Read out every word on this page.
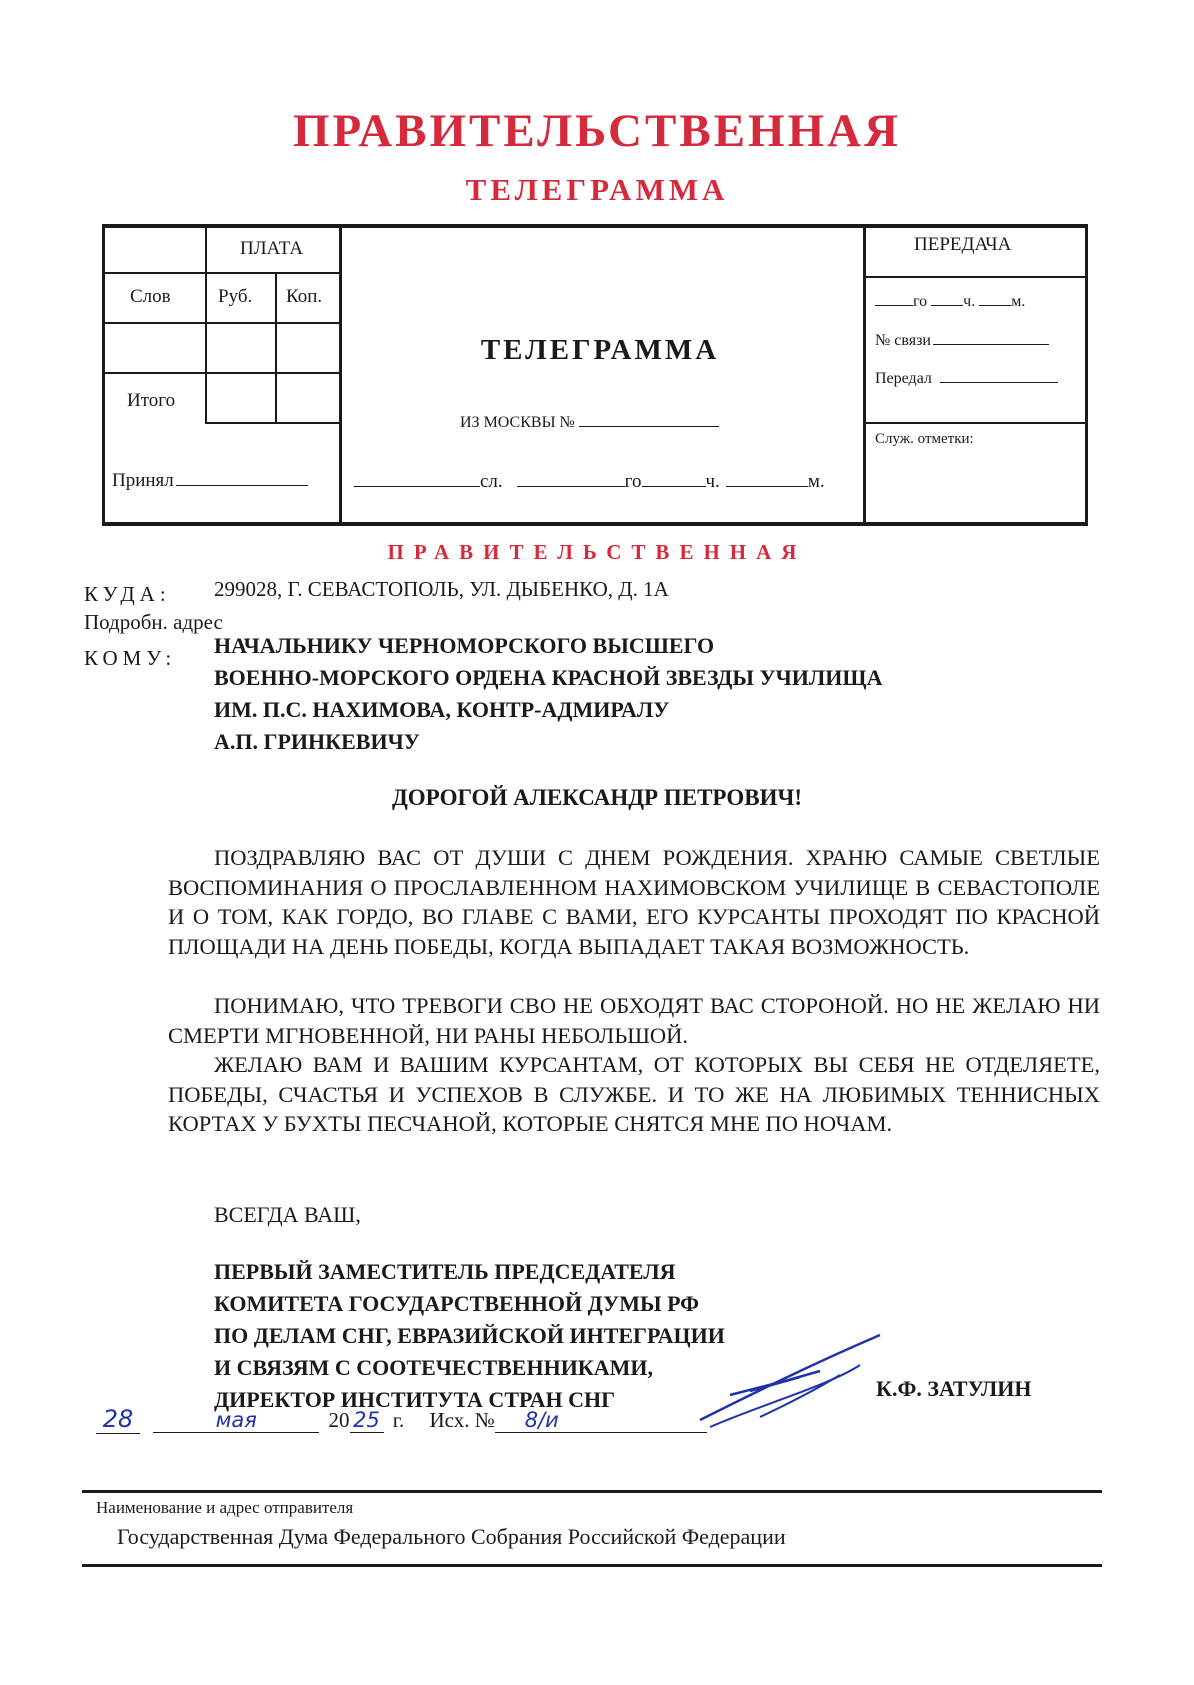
ПРАВИТЕЛЬСТВЕННАЯ
ТЕЛЕГРАММА
ПЛАТА
Слов Руб. Коп.
Итого
Принял
ТЕЛЕГРАММА
ИЗ МОСКВЫ №
сл.	го	ч.	м.
ПЕРЕДАЧА
го ч. м.
№ связи
Передал
Служ. отметки:
ПРАВИТЕЛЬСТВЕННАЯ
КУДА:
Подробн. адрес
299028, Г. СЕВАСТОПОЛЬ, УЛ. ДЫБЕНКО, Д. 1А
КОМУ: НАЧАЛЬНИКУ ЧЕРНОМОРСКОГО ВЫСШЕГО
ВОЕННО-МОРСКОГО ОРДЕНА КРАСНОЙ ЗВЕЗДЫ УЧИЛИЩА
ИМ. П.С. НАХИМОВА, КОНТР-АДМИРАЛУ
А.П. ГРИНКЕВИЧУ
ДОРОГОЙ АЛЕКСАНДР ПЕТРОВИЧ!
ПОЗДРАВЛЯЮ ВАС ОТ ДУШИ С ДНЕМ РОЖДЕНИЯ. ХРАНЮ САМЫЕ СВЕТЛЫЕ ВОСПОМИНАНИЯ О ПРОСЛАВЛЕННОМ НАХИМОВСКОМ УЧИЛИЩЕ В СЕВАСТОПОЛЕ И О ТОМ, КАК ГОРДО, ВО ГЛАВЕ С ВАМИ, ЕГО КУРСАНТЫ ПРОХОДЯТ ПО КРАСНОЙ ПЛОЩАДИ НА ДЕНЬ ПОБЕДЫ, КОГДА ВЫПАДАЕТ ТАКАЯ ВОЗМОЖНОСТЬ.
ПОНИМАЮ, ЧТО ТРЕВОГИ СВО НЕ ОБХОДЯТ ВАС СТОРОНОЙ. НО НЕ ЖЕЛАЮ НИ СМЕРТИ МГНОВЕННОЙ, НИ РАНЫ НЕБОЛЬШОЙ.
ЖЕЛАЮ ВАМ И ВАШИМ КУРСАНТАМ, ОТ КОТОРЫХ ВЫ СЕБЯ НЕ ОТДЕЛЯЕТЕ, ПОБЕДЫ, СЧАСТЬЯ И УСПЕХОВ В СЛУЖБЕ. И ТО ЖЕ НА ЛЮБИМЫХ ТЕННИСНЫХ КОРТАХ У БУХТЫ ПЕСЧАНОЙ, КОТОРЫЕ СНЯТСЯ МНЕ ПО НОЧАМ.
ВСЕГДА ВАШ,
ПЕРВЫЙ ЗАМЕСТИТЕЛЬ ПРЕДСЕДАТЕЛЯ
КОМИТЕТА ГОСУДАРСТВЕННОЙ ДУМЫ РФ
ПО ДЕЛАМ СНГ, ЕВРАЗИЙСКОЙ ИНТЕГРАЦИИ
И СВЯЗЯМ С СООТЕЧЕСТВЕННИКАМИ,
ДИРЕКТОР ИНСТИТУТА СТРАН СНГ	К.Ф. ЗАТУЛИН
28	мая	20 25 г. Исх. № 8/и
Наименование и адрес отправителя
Государственная Дума Федерального Собрания Российской Федерации
